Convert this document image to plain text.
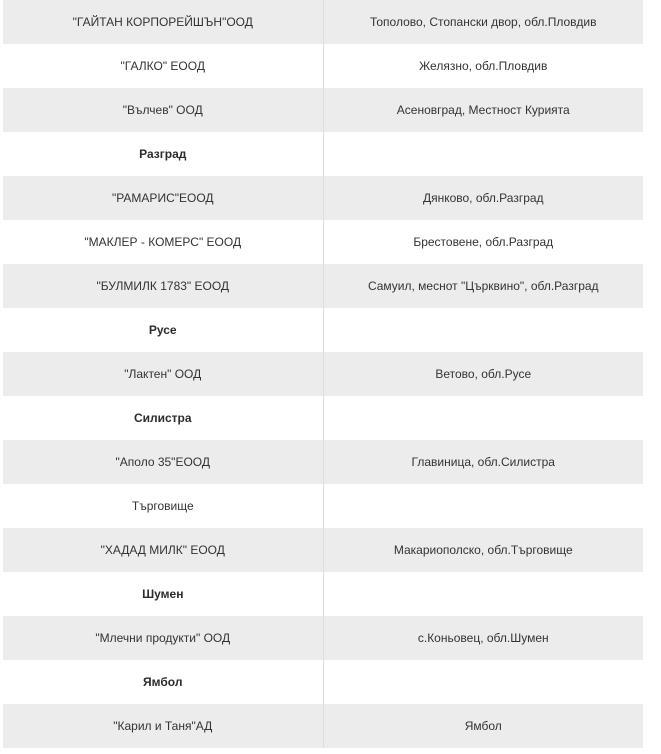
"ГАЙТАН КОРПОРЕЙШЪН"ООД	Тополово, Стопански двор, обл.Пловдив
"ГАЛКО" ЕООД	Желязно, обл.Пловдив
"Вълчев" ООД	Асеновград, Местност Курията
Разград	
"РАМАРИС"ЕООД	Дянково, обл.Разград
"МАКЛЕР - КОМЕРС" ЕООД	Брестовене, обл.Разград
"БУЛМИЛК 1783" ЕООД	Самуил, меснот "Църквино", обл.Разград
Русе	
"Лактен" ООД	Ветово, обл.Русе
Силистра	
"Аполо 35"ЕООД	Главиница, обл.Силистра
Търговище	
"ХАДАД МИЛК" ЕООД	Макариополско, обл.Търговище
Шумен	
"Млечни продукти" ООД	с.Коньовец, обл.Шумен
Ямбол	
"Карил и Таня"АД	Ямбол
